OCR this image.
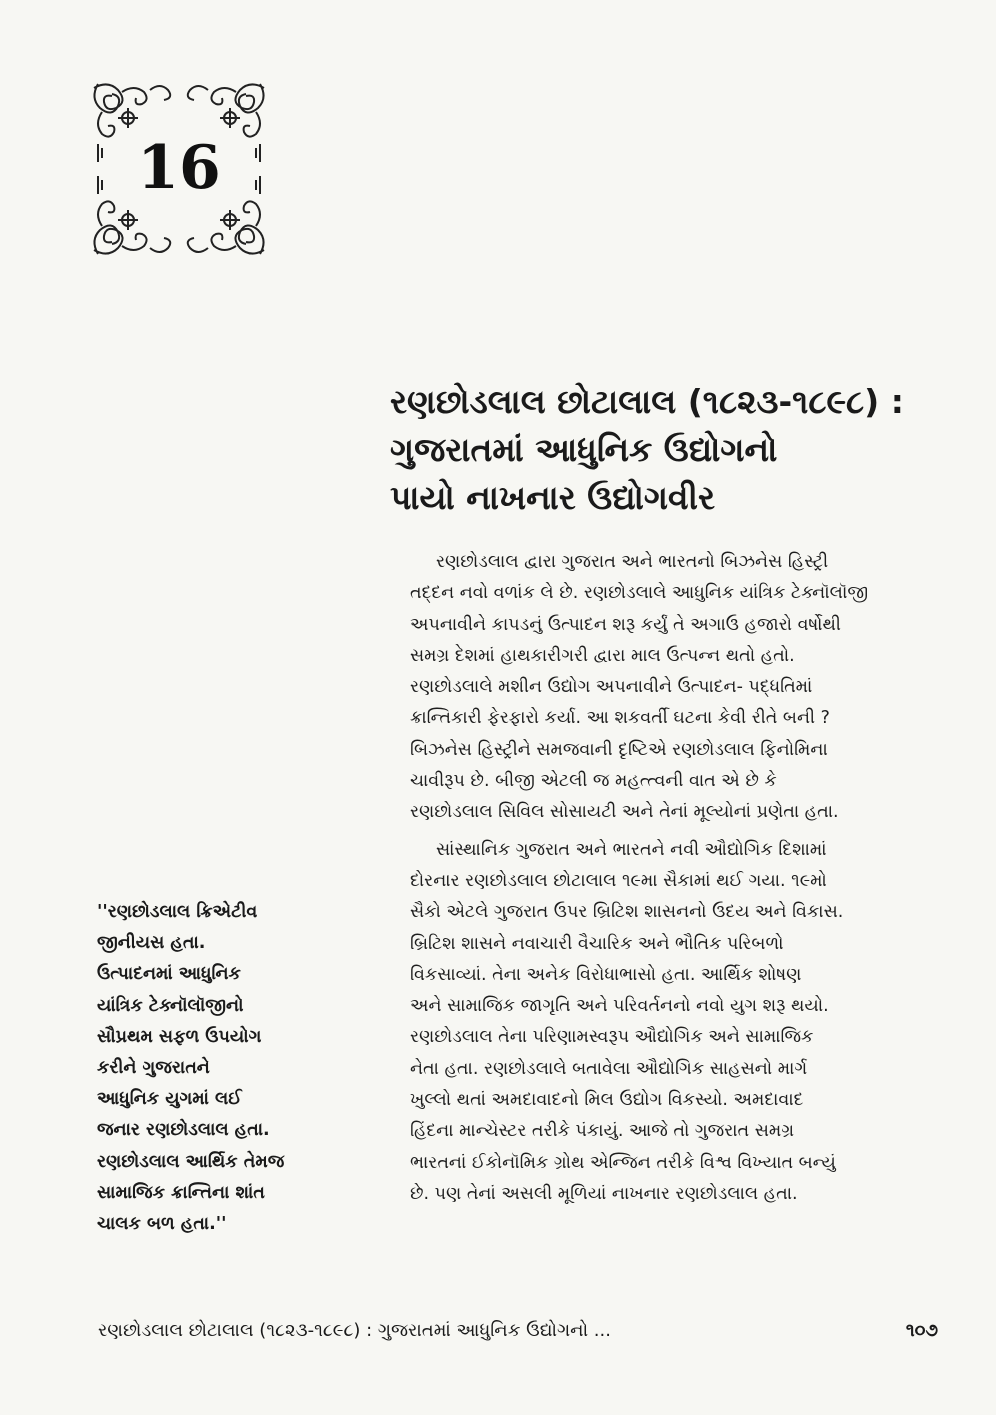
16
રણછોડલાલ છોટાલાલ (૧૮૨૩-૧૮૯૮) :
ગુજરાતમાં આધુનિક ઉદ્યોગનો
પાયો નાખનાર ઉદ્યોગવીર

રણછોડલાલ દ્વારા ગુજરાત અને ભારતનો બિઝનેસ હિસ્ટ્રી
તદ્દન નવો વળાંક લે છે. રણછોડલાલે આધુનિક યાંત્રિક ટેક્નૉલૉજી
અપનાવીને કાપડનું ઉત્પાદન શરૂ કર્યું તે અગાઉ હજારો વર્ષોથી
સમગ્ર દેશમાં હાથકારીગરી દ્વારા માલ ઉત્પન્ન થતો હતો.
રણછોડલાલે મશીન ઉદ્યોગ અપનાવીને ઉત્પાદન- પદ્ધતિમાં
ક્રાન્તિકારી ફેરફારો કર્યા. આ શકવર્તી ઘટના કેવી રીતે બની ?
બિઝનેસ હિસ્ટ્રીને સમજવાની દૃષ્ટિએ રણછોડલાલ ફિનોમિના
ચાવીરૂપ છે. બીજી એટલી જ મહત્ત્વની વાત એ છે કે
રણછોડલાલ સિવિલ સોસાયટી અને તેનાં મૂલ્યોનાં પ્રણેતા હતા.

સાંસ્થાનિક ગુજરાત અને ભારતને નવી ઔદ્યોગિક દિશામાં
દોરનાર રણછોડલાલ છોટાલાલ ૧૯મા સૈકામાં થઈ ગયા. ૧૯મો
સૈકો એટલે ગુજરાત ઉપર બ્રિટિશ શાસનનો ઉદય અને વિકાસ.
બ્રિટિશ શાસને નવાચારી વૈચારિક અને ભૌતિક પરિબળો
વિકસાવ્યાં. તેના અનેક વિરોધાભાસો હતા. આર્થિક શોષણ
અને સામાજિક જાગૃતિ અને પરિવર્તનનો નવો યુગ શરૂ થયો.
રણછોડલાલ તેના પરિણામસ્વરૂપ ઔદ્યોગિક અને સામાજિક
નેતા હતા. રણછોડલાલે બતાવેલા ઔદ્યોગિક સાહસનો માર્ગ
ખુલ્લો થતાં અમદાવાદનો મિલ ઉદ્યોગ વિકસ્યો. અમદાવાદ
હિંદના માન્ચેસ્ટર તરીકે પંકાયું. આજે તો ગુજરાત સમગ્ર
ભારતનાં ઈકોનૉમિક ગ્રોથ એન્જિન તરીકે વિશ્વ વિખ્યાત બન્યું
છે. પણ તેનાં અસલી મૂળિયાં નાખનાર રણછોડલાલ હતા.

''રણછોડલાલ ક્રિએટીવ
જીનીયસ હતા.
ઉત્પાદનમાં આધુનિક
યાંત્રિક ટેક્નૉલૉજીનો
સૌપ્રથમ સફળ ઉપયોગ
કરીને ગુજરાતને
આધુનિક યુગમાં લઈ
જનાર રણછોડલાલ હતા.
રણછોડલાલ આર્થિક તેમજ
સામાજિક ક્રાન્તિના શાંત
ચાલક બળ હતા.''
રણછોડલાલ છોટાલાલ (૧૮૨૩-૧૮૯૮) : ગુજરાતમાં આધુનિક ઉદ્યોગનો ...	૧૦૭
